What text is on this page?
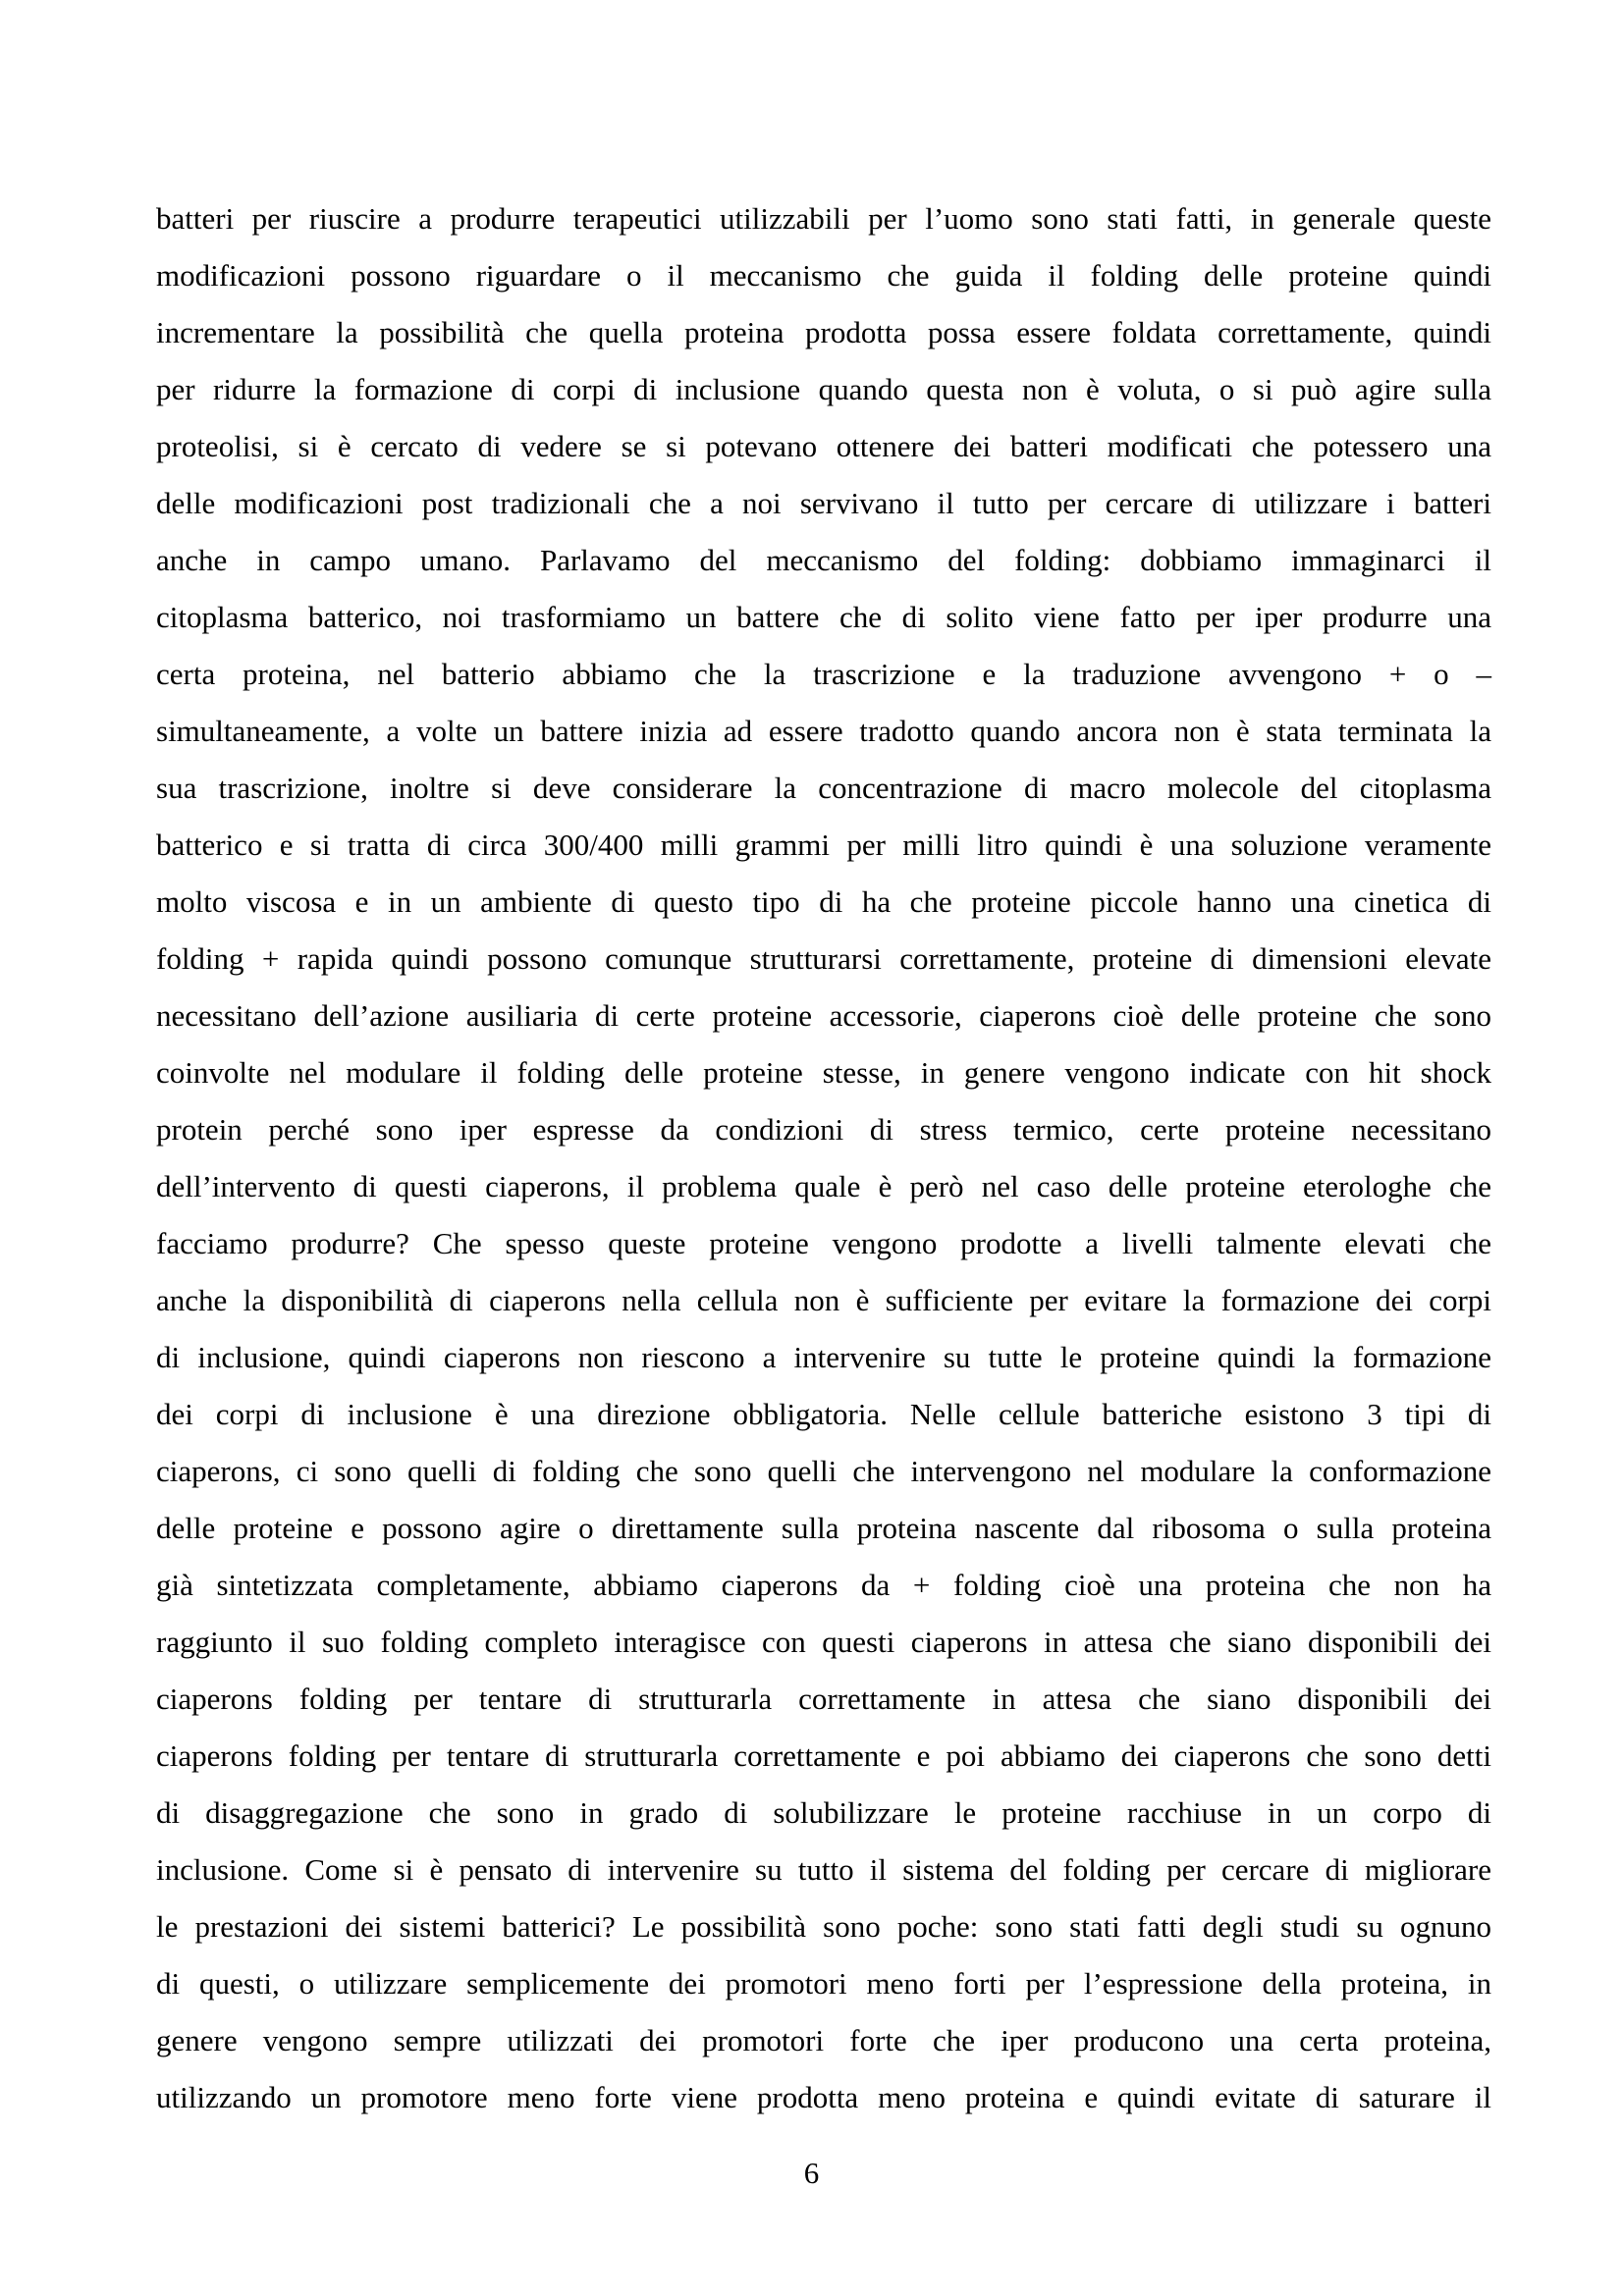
batteri per riuscire a produrre terapeutici utilizzabili per l’uomo sono stati fatti, in generale queste
modificazioni possono riguardare o il meccanismo che guida il folding delle proteine quindi
incrementare la possibilità che quella proteina prodotta possa essere foldata correttamente, quindi
per ridurre la formazione di corpi di inclusione quando questa non è voluta, o si può agire sulla
proteolisi, si è cercato di vedere se si potevano ottenere dei batteri modificati che potessero una
delle modificazioni post tradizionali che a noi servivano il tutto per cercare di utilizzare i batteri
anche in campo umano. Parlavamo del meccanismo del folding: dobbiamo immaginarci il
citoplasma batterico, noi trasformiamo un battere che di solito viene fatto per iper produrre una
certa proteina, nel batterio abbiamo che la trascrizione e la traduzione avvengono + o –
simultaneamente, a volte un battere inizia ad essere tradotto quando ancora non è stata terminata la
sua trascrizione, inoltre si deve considerare la concentrazione di macro molecole del citoplasma
batterico e si tratta di circa 300/400 milli grammi per milli litro quindi è una soluzione veramente
molto viscosa e in un ambiente di questo tipo di ha che proteine piccole hanno una cinetica di
folding + rapida quindi possono comunque strutturarsi correttamente, proteine di dimensioni elevate
necessitano dell’azione ausiliaria di certe proteine accessorie, ciaperons cioè delle proteine che sono
coinvolte nel modulare il folding delle proteine stesse, in genere vengono indicate con hit shock
protein perché sono iper espresse da condizioni di stress termico, certe proteine necessitano
dell’intervento di questi ciaperons, il problema quale è però nel caso delle proteine eterologhe che
facciamo produrre? Che spesso queste proteine vengono prodotte a livelli talmente elevati che
anche la disponibilità di ciaperons nella cellula non è sufficiente per evitare la formazione dei corpi
di inclusione, quindi ciaperons non riescono a intervenire su tutte le proteine quindi la formazione
dei corpi di inclusione è una direzione obbligatoria. Nelle cellule batteriche esistono 3 tipi di
ciaperons, ci sono quelli di folding che sono quelli che intervengono nel modulare la conformazione
delle proteine e possono agire o direttamente sulla proteina nascente dal ribosoma o sulla proteina
già sintetizzata completamente, abbiamo ciaperons da + folding cioè una proteina che non ha
raggiunto il suo folding completo interagisce con questi ciaperons in attesa che siano disponibili dei
ciaperons folding per tentare di strutturarla correttamente in attesa che siano disponibili dei
ciaperons folding per tentare di strutturarla correttamente e poi abbiamo dei ciaperons che sono detti
di disaggregazione che sono in grado di solubilizzare le proteine racchiuse in un corpo di
inclusione. Come si è pensato di intervenire su tutto il sistema del folding per cercare di migliorare
le prestazioni dei sistemi batterici? Le possibilità sono poche: sono stati fatti degli studi su ognuno
di questi, o utilizzare semplicemente dei promotori meno forti per l’espressione della proteina, in
genere vengono sempre utilizzati dei promotori forte che iper producono una certa proteina,
utilizzando un promotore meno forte viene prodotta meno proteina e quindi evitate di saturare il
6
